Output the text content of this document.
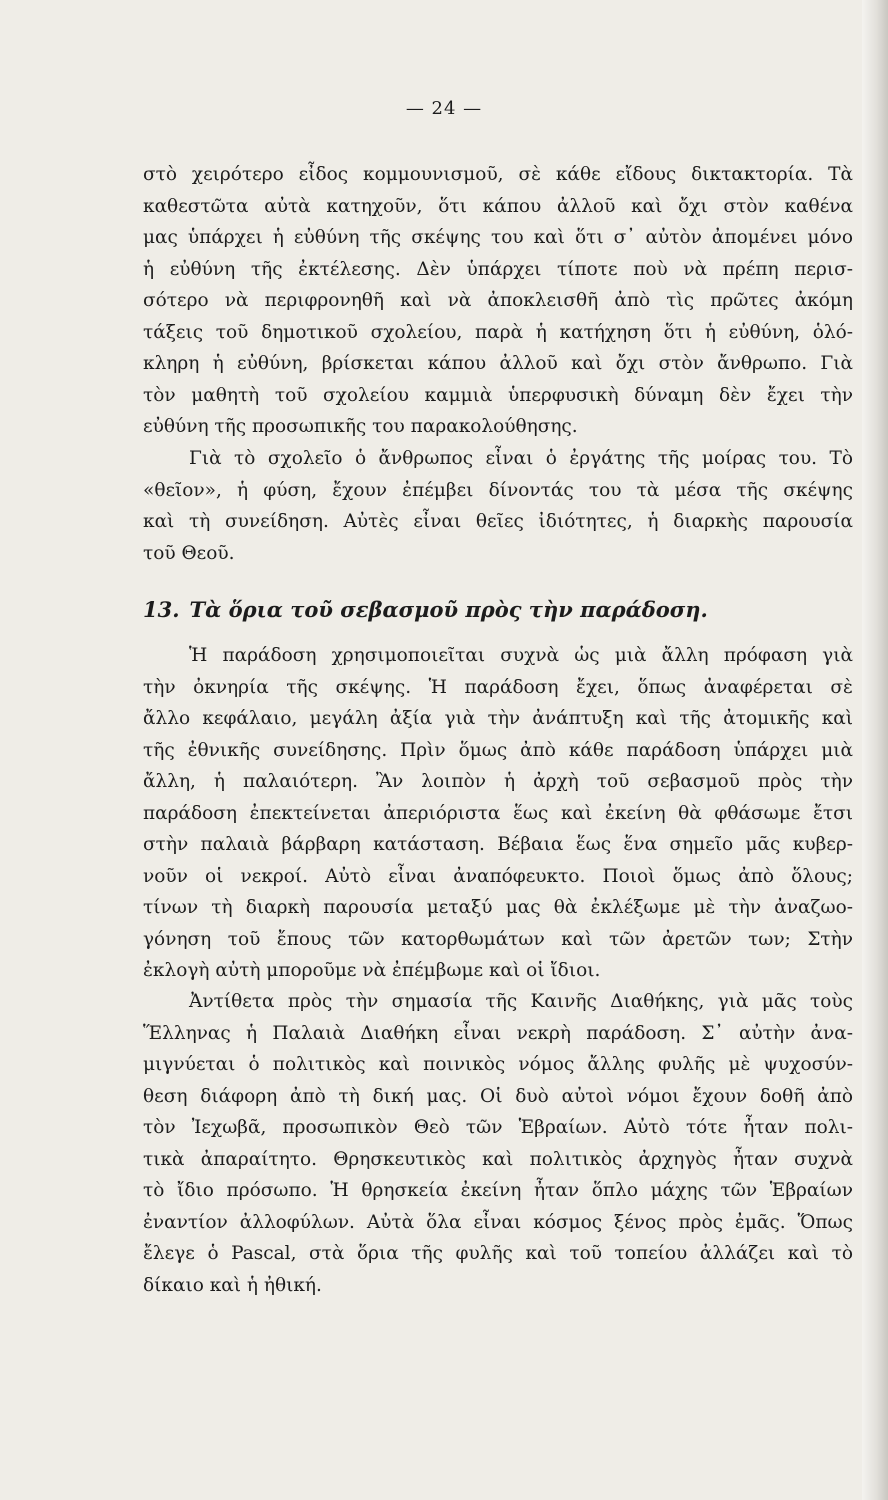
— 24 —
στὸ χειρότερο εἶδος κομμουνισμοῦ, σὲ κάθε εἴδους δικτακτορία. Τὰ
καθεστῶτα αὐτὰ κατηχοῦν, ὅτι κάπου ἀλλοῦ καὶ ὄχι στὸν καθένα
μας ὑπάρχει ἡ εὐθύνη τῆς σκέψης του καὶ ὅτι σ᾽ αὐτὸν ἀπομένει μόνο
ἡ εὐθύνη τῆς ἐκτέλεσης. Δὲν ὑπάρχει τίποτε ποὺ νὰ πρέπη περισ-
σότερο νὰ περιφρονηθῆ καὶ νὰ ἀποκλεισθῆ ἀπὸ τὶς πρῶτες ἀκόμη
τάξεις τοῦ δημοτικοῦ σχολείου, παρὰ ἡ κατήχηση ὅτι ἡ εὐθύνη, ὁλό-
κληρη ἡ εὐθύνη, βρίσκεται κάπου ἀλλοῦ καὶ ὄχι στὸν ἄνθρωπο. Γιὰ
τὸν μαθητὴ τοῦ σχολείου καμμιὰ ὑπερφυσικὴ δύναμη δὲν ἔχει τὴν
εὐθύνη τῆς προσωπικῆς του παρακολούθησης.
Γιὰ τὸ σχολεῖο ὁ ἄνθρωπος εἶναι ὁ ἐργάτης τῆς μοίρας του. Τὸ
«θεῖον», ἡ φύση, ἔχουν ἐπέμβει δίνοντάς του τὰ μέσα τῆς σκέψης
καὶ τὴ συνείδηση. Αὐτὲς εἶναι θεῖες ἰδιότητες, ἡ διαρκὴς παρουσία
τοῦ Θεοῦ.
13. Τὰ ὅρια τοῦ σεβασμοῦ πρὸς τὴν παράδοση.
Ἡ παράδοση χρησιμοποιεῖται συχνὰ ὡς μιὰ ἄλλη πρόφαση γιὰ
τὴν ὀκνηρία τῆς σκέψης. Ἡ παράδοση ἔχει, ὅπως ἀναφέρεται σὲ
ἄλλο κεφάλαιο, μεγάλη ἀξία γιὰ τὴν ἀνάπτυξη καὶ τῆς ἀτομικῆς καὶ
τῆς ἐθνικῆς συνείδησης. Πρὶν ὅμως ἀπὸ κάθε παράδοση ὑπάρχει μιὰ
ἄλλη, ἡ παλαιότερη. Ἂν λοιπὸν ἡ ἀρχὴ τοῦ σεβασμοῦ πρὸς τὴν
παράδοση ἐπεκτείνεται ἀπεριόριστα ἕως καὶ ἐκείνη θὰ φθάσωμε ἔτσι
στὴν παλαιὰ βάρβαρη κατάσταση. Βέβαια ἕως ἕνα σημεῖο μᾶς κυβερ-
νοῦν οἱ νεκροί. Αὐτὸ εἶναι ἀναπόφευκτο. Ποιοὶ ὅμως ἀπὸ ὅλους;
τίνων τὴ διαρκὴ παρουσία μεταξύ μας θὰ ἐκλέξωμε μὲ τὴν ἀναζωο-
γόνηση τοῦ ἔπους τῶν κατορθωμάτων καὶ τῶν ἀρετῶν των; Στὴν
ἐκλογὴ αὐτὴ μποροῦμε νὰ ἐπέμβωμε καὶ οἱ ἴδιοι.
Ἀντίθετα πρὸς τὴν σημασία τῆς Καινῆς Διαθήκης, γιὰ μᾶς τοὺς
Ἕλληνας ἡ Παλαιὰ Διαθήκη εἶναι νεκρὴ παράδοση. Σ᾽ αὐτὴν ἀνα-
μιγνύεται ὁ πολιτικὸς καὶ ποινικὸς νόμος ἄλλης φυλῆς μὲ ψυχοσύν-
θεση διάφορη ἀπὸ τὴ δική μας. Οἱ δυὸ αὐτοὶ νόμοι ἔχουν δοθῆ ἀπὸ
τὸν Ἰεχωβᾶ, προσωπικὸν Θεὸ τῶν Ἑβραίων. Αὐτὸ τότε ἦταν πολι-
τικὰ ἀπαραίτητο. Θρησκευτικὸς καὶ πολιτικὸς ἀρχηγὸς ἦταν συχνὰ
τὸ ἴδιο πρόσωπο. Ἡ θρησκεία ἐκείνη ἦταν ὅπλο μάχης τῶν Ἑβραίων
ἐναντίον ἀλλοφύλων. Αὐτὰ ὅλα εἶναι κόσμος ξένος πρὸς ἐμᾶς. Ὅπως
ἔλεγε ὁ Pascal, στὰ ὅρια τῆς φυλῆς καὶ τοῦ τοπείου ἀλλάζει καὶ τὸ
δίκαιο καὶ ἡ ἠθική.
